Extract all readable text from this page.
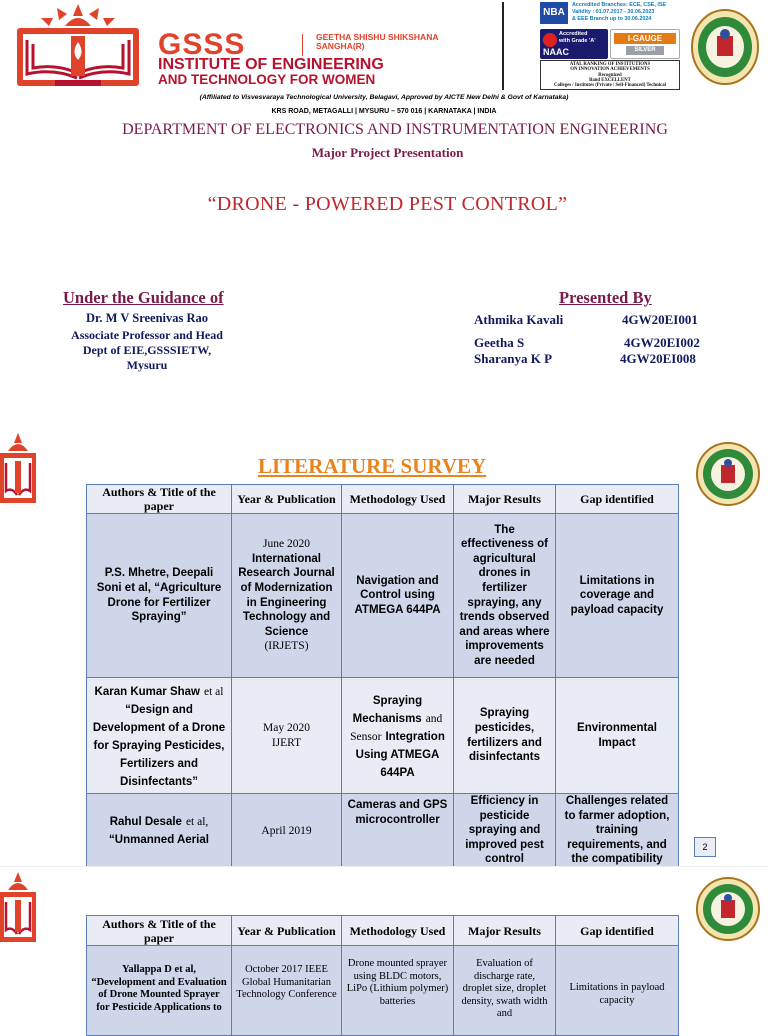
GSSS	GEETHA SHISHU SHIKSHANA SANGHA(R)
INSTITUTE OF ENGINEERING
AND TECHNOLOGY FOR WOMEN
NBA
Accredited Branches: ECE, CSE, ISE
Validity : 01.07.2017 - 30.06.2023
& EEE Branch up to 30.06.2024
Accredited
with Grade 'A'
NAAC
I-GAUGE
SILVER
ATAL RANKING OF INSTITUTIONS
ON INNOVATION ACHIEVEMENTS
Recognized
Band EXCELLENT
Colleges / Institutes (Private / Self-Financed) Technical
(Affiliated to Visvesvaraya Technological University, Belagavi, Approved by AICTE New Delhi & Govt of Karnataka)
KRS ROAD, METAGALLI | MYSURU – 570 016 | KARNATAKA | INDIA
DEPARTMENT OF ELECTRONICS AND INSTRUMENTATION ENGINEERING
Major Project Presentation
“DRONE - POWERED PEST CONTROL”
Under the Guidance of
Dr. M V Sreenivas Rao
Associate Professor and Head
Dept of EIE,GSSSIETW,
Mysuru
Presented By
Athmika Kavali	4GW20EI001
Geetha S	4GW20EI002
Sharanya K P	4GW20EI008
LITERATURE SURVEY
Authors & Title of the paper	Year & Publication	Methodology Used	Major Results	Gap identified
P.S. Mhetre, Deepali Soni et al, “Agriculture Drone for Fertilizer Spraying”	June 2020
International Research Journal of Modernization in Engineering Technology and Science
(IRJETS)	Navigation and Control using ATMEGA 644PA	The effectiveness of agricultural drones in fertilizer spraying, any trends observed and areas where improvements are needed	Limitations in coverage and payload capacity
Karan Kumar Shaw et al “Design and Development of a Drone for Spraying Pesticides, Fertilizers and Disinfectants”	May 2020
IJERT	Spraying Mechanisms and Sensor Integration Using ATMEGA 644PA	Spraying pesticides, fertilizers and disinfectants	Environmental Impact
Rahul Desale et al, “Unmanned Aerial	April 2019	Cameras and GPS microcontroller	Efficiency in pesticide spraying and improved pest control	Challenges related to farmer adoption, training requirements, and the compatibility
2
Authors & Title of the paper	Year & Publication	Methodology Used	Major Results	Gap identified
Yallappa D et al, “Development and Evaluation of Drone Mounted Sprayer for Pesticide Applications to	October 2017 IEEE Global Humanitarian Technology Conference	Drone mounted sprayer using BLDC motors, LiPo (Lithium polymer) batteries	Evaluation of discharge rate, droplet size, droplet density, swath width and	Limitations in payload capacity
